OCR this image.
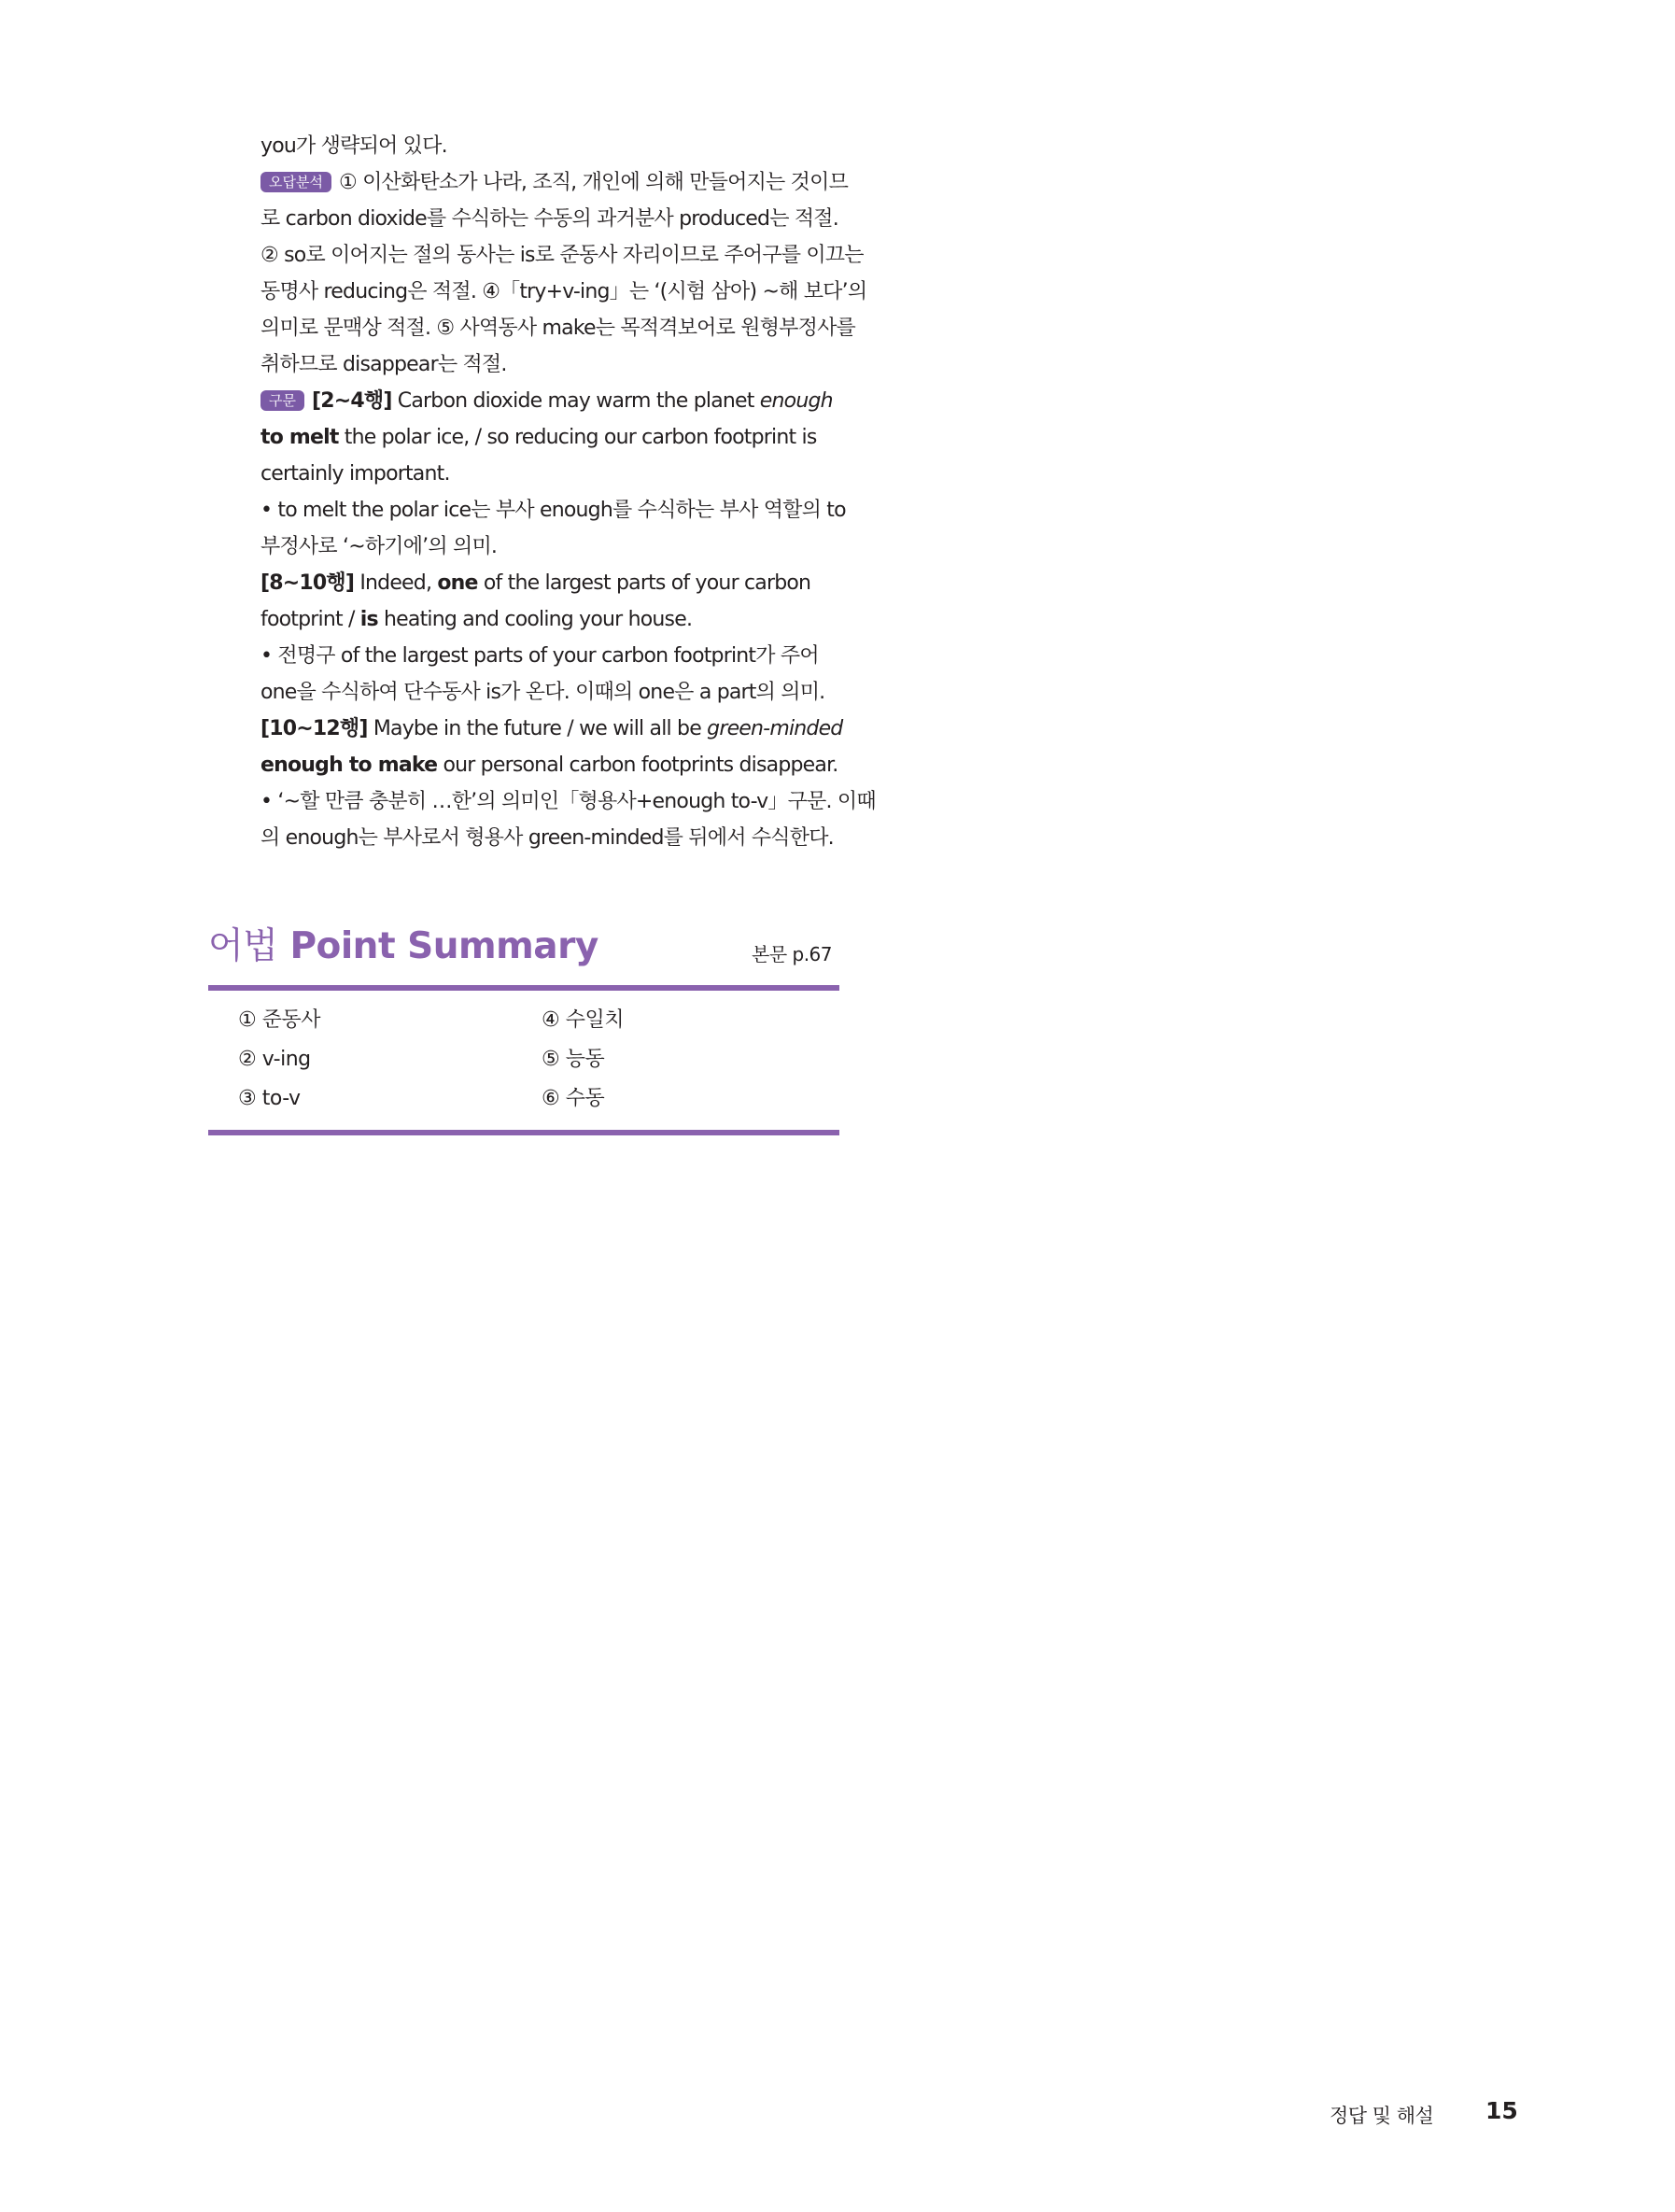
you가 생략되어 있다.
오답분석 ① 이산화탄소가 나라, 조직, 개인에 의해 만들어지는 것이므
로 carbon dioxide를 수식하는 수동의 과거분사 produced는 적절.
② so로 이어지는 절의 동사는 is로 준동사 자리이므로 주어구를 이끄는
동명사 reducing은 적절. ④「try+v-ing」는 ‘(시험 삼아) ~해 보다’의
의미로 문맥상 적절. ⑤ 사역동사 make는 목적격보어로 원형부정사를
취하므로 disappear는 적절.
구문 [2~4행] Carbon dioxide may warm the planet enough
to melt the polar ice, / so reducing our carbon footprint is
certainly important.
• to melt the polar ice는 부사 enough를 수식하는 부사 역할의 to
부정사로 ‘~하기에’의 의미.
[8~10행] Indeed, one of the largest parts of your carbon
footprint / is heating and cooling your house.
• 전명구 of the largest parts of your carbon footprint가 주어
one을 수식하여 단수동사 is가 온다. 이때의 one은 a part의 의미.
[10~12행] Maybe in the future / we will all be green-minded
enough to make our personal carbon footprints disappear.
• ‘~할 만큼 충분히 …한’의 의미인「형용사+enough to-v」구문. 이때
의 enough는 부사로서 형용사 green-minded를 뒤에서 수식한다.
어법 Point Summary	본문 p.67
① 준동사
② v-ing
③ to-v
④ 수일치
⑤ 능동
⑥ 수동
정답 및 해설 15
